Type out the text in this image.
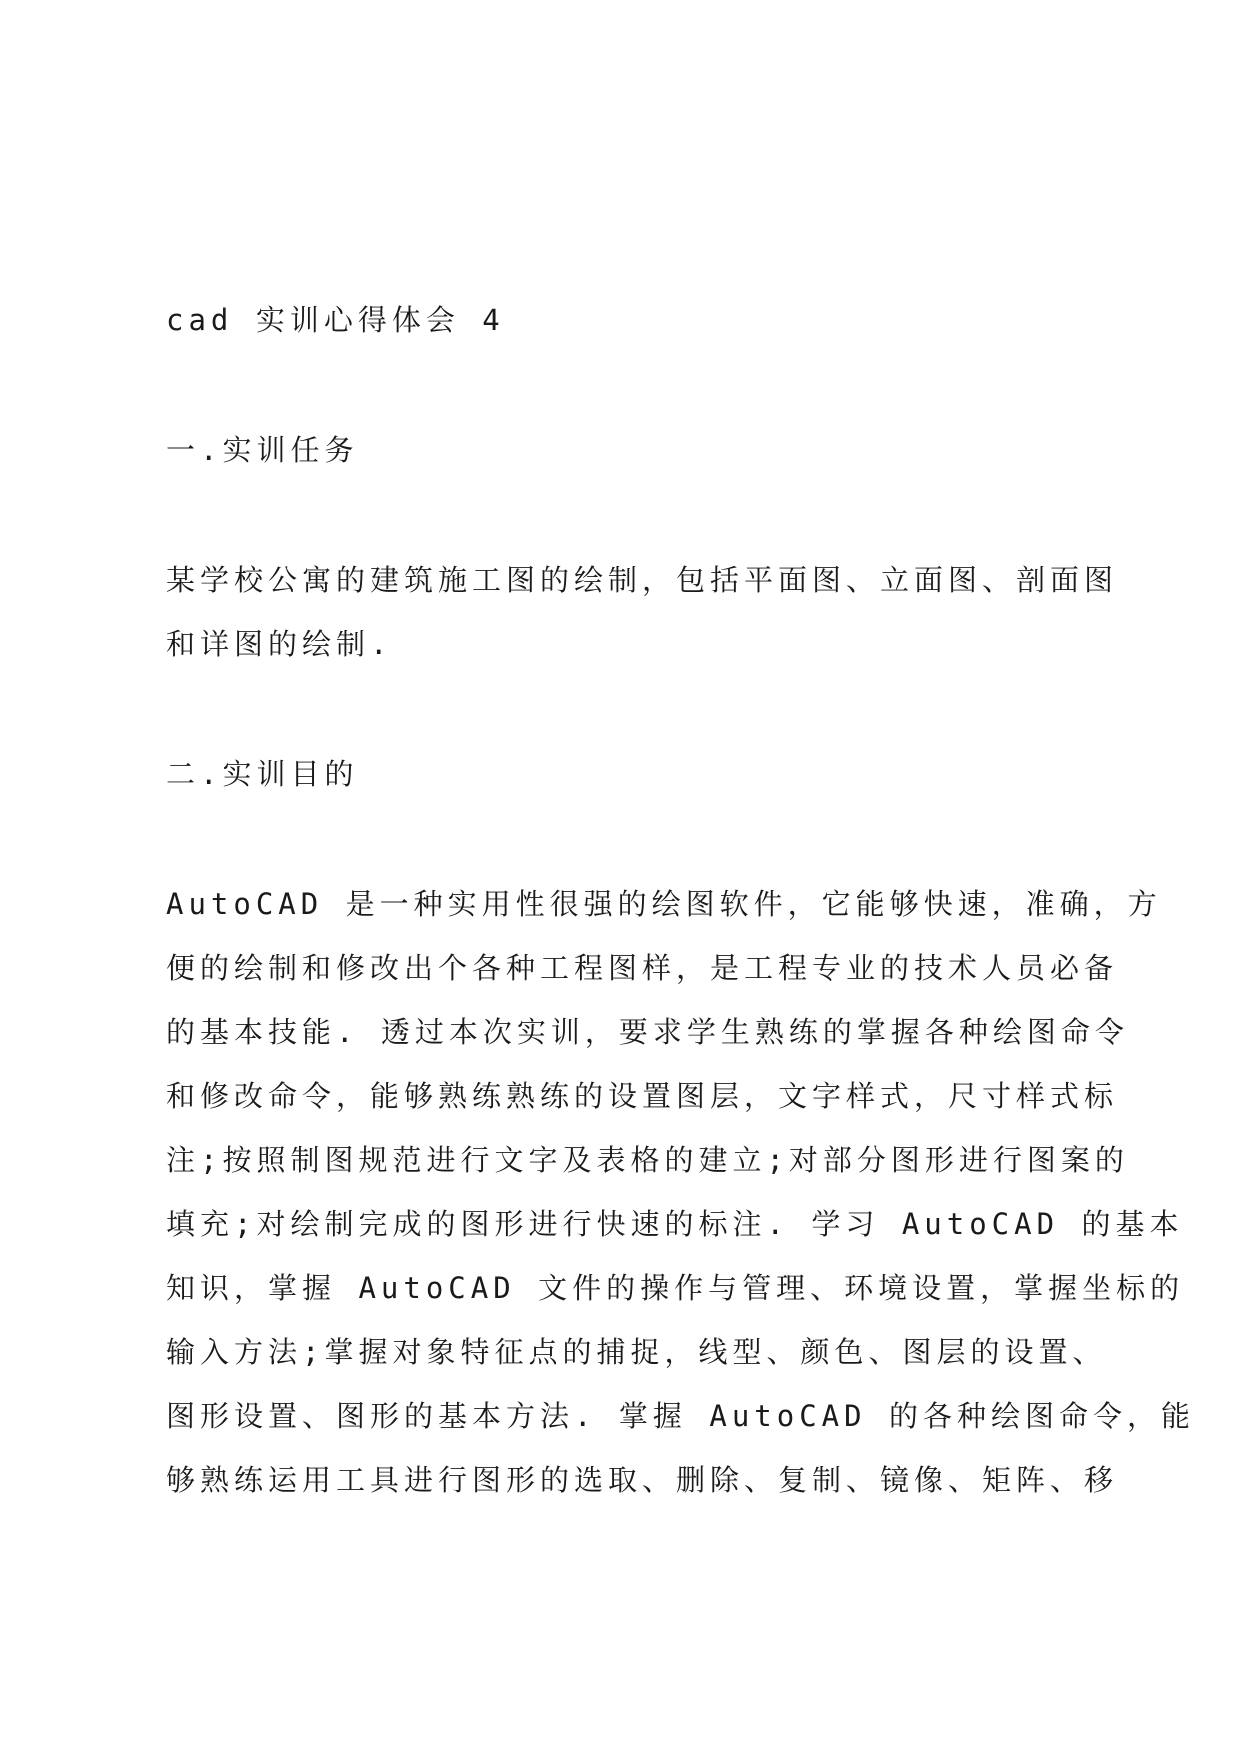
cad 实训心得体会 4
一.实训任务
某学校公寓的建筑施工图的绘制，包括平面图、立面图、剖面图
和详图的绘制.
二.实训目的
AutoCAD 是一种实用性很强的绘图软件，它能够快速，准确，方
便的绘制和修改出个各种工程图样，是工程专业的技术人员必备
的基本技能. 透过本次实训，要求学生熟练的掌握各种绘图命令
和修改命令，能够熟练熟练的设置图层，文字样式，尺寸样式标
注;按照制图规范进行文字及表格的建立;对部分图形进行图案的
填充;对绘制完成的图形进行快速的标注. 学习 AutoCAD 的基本
知识，掌握 AutoCAD 文件的操作与管理、环境设置，掌握坐标的
输入方法;掌握对象特征点的捕捉，线型、颜色、图层的设置、
图形设置、图形的基本方法. 掌握 AutoCAD 的各种绘图命令，能
够熟练运用工具进行图形的选取、删除、复制、镜像、矩阵、移
